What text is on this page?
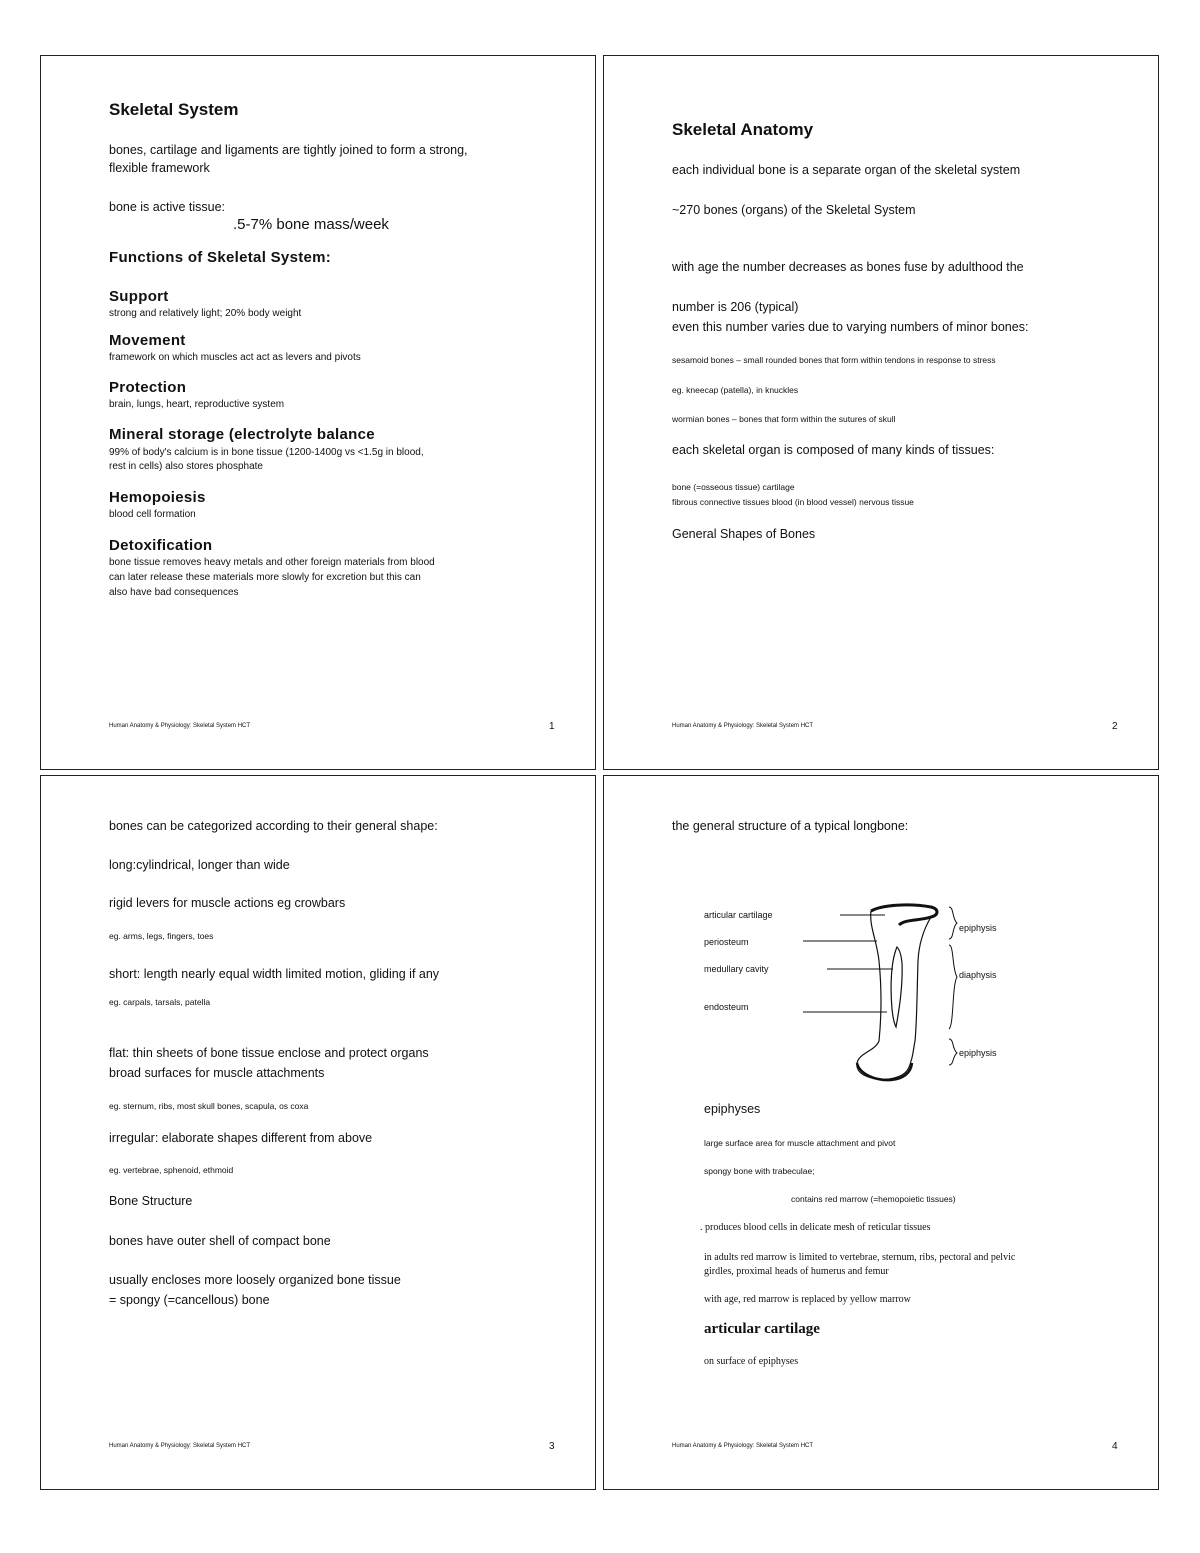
Skeletal System
bones, cartilage and ligaments are tightly joined to form a strong,
flexible framework
bone is active tissue:
.5-7% bone mass/week
Functions of Skeletal System:
Support
strong and relatively light; 20% body weight
Movement
framework on which muscles act act as levers and pivots
Protection
brain, lungs, heart, reproductive system
Mineral storage (electrolyte balance
99% of body's calcium is in bone tissue (1200-1400g vs <1.5g in blood,
rest in cells) also stores phosphate
Hemopoiesis
blood cell formation
Detoxification
bone tissue removes heavy metals and other foreign materials from blood
can later release these materials more slowly for excretion but this can
also have bad consequences
Human Anatomy & Physiology: Skeletal System HCT	1
Skeletal Anatomy
each individual bone is a separate organ of the skeletal system
~270 bones (organs) of the Skeletal System
with age the number decreases as bones fuse by adulthood the
number is 206 (typical)
even this number varies due to varying numbers of minor bones:
sesamoid bones – small rounded bones that form within tendons in response to stress
eg. kneecap (patella), in knuckles
wormian bones – bones that form within the sutures of skull
each skeletal organ is composed of many kinds of tissues:
bone (=osseous tissue) cartilage
fibrous connective tissues blood (in blood vessel) nervous tissue
General Shapes of Bones
Human Anatomy & Physiology: Skeletal System HCT	2
bones can be categorized according to their general shape:
long:cylindrical, longer than wide
rigid levers for muscle actions eg crowbars
eg. arms, legs, fingers, toes
short: length nearly equal width limited motion, gliding if any
eg. carpals, tarsals, patella
flat: thin sheets of bone tissue enclose and protect organs
broad surfaces for muscle attachments
eg. sternum, ribs, most skull bones, scapula, os coxa
irregular: elaborate shapes different from above
eg. vertebrae, sphenoid, ethmoid
Bone Structure
bones have outer shell of compact bone
usually encloses more loosely organized bone tissue
= spongy (=cancellous) bone
Human Anatomy & Physiology: Skeletal System HCT	3
the general structure of a typical longbone:
articular cartilage
periosteum
medullary cavity
endosteum
epiphysis
diaphysis
epiphysis
epiphyses
large surface area for muscle attachment and pivot
spongy bone with trabeculae;
contains red marrow (=hemopoietic tissues)
. produces blood cells in delicate mesh of reticular tissues
in adults red marrow is limited to vertebrae, sternum, ribs, pectoral and pelvic
girdles, proximal heads of humerus and femur
with age, red marrow is replaced by yellow marrow
articular cartilage
on surface of epiphyses
Human Anatomy & Physiology: Skeletal System HCT	4
